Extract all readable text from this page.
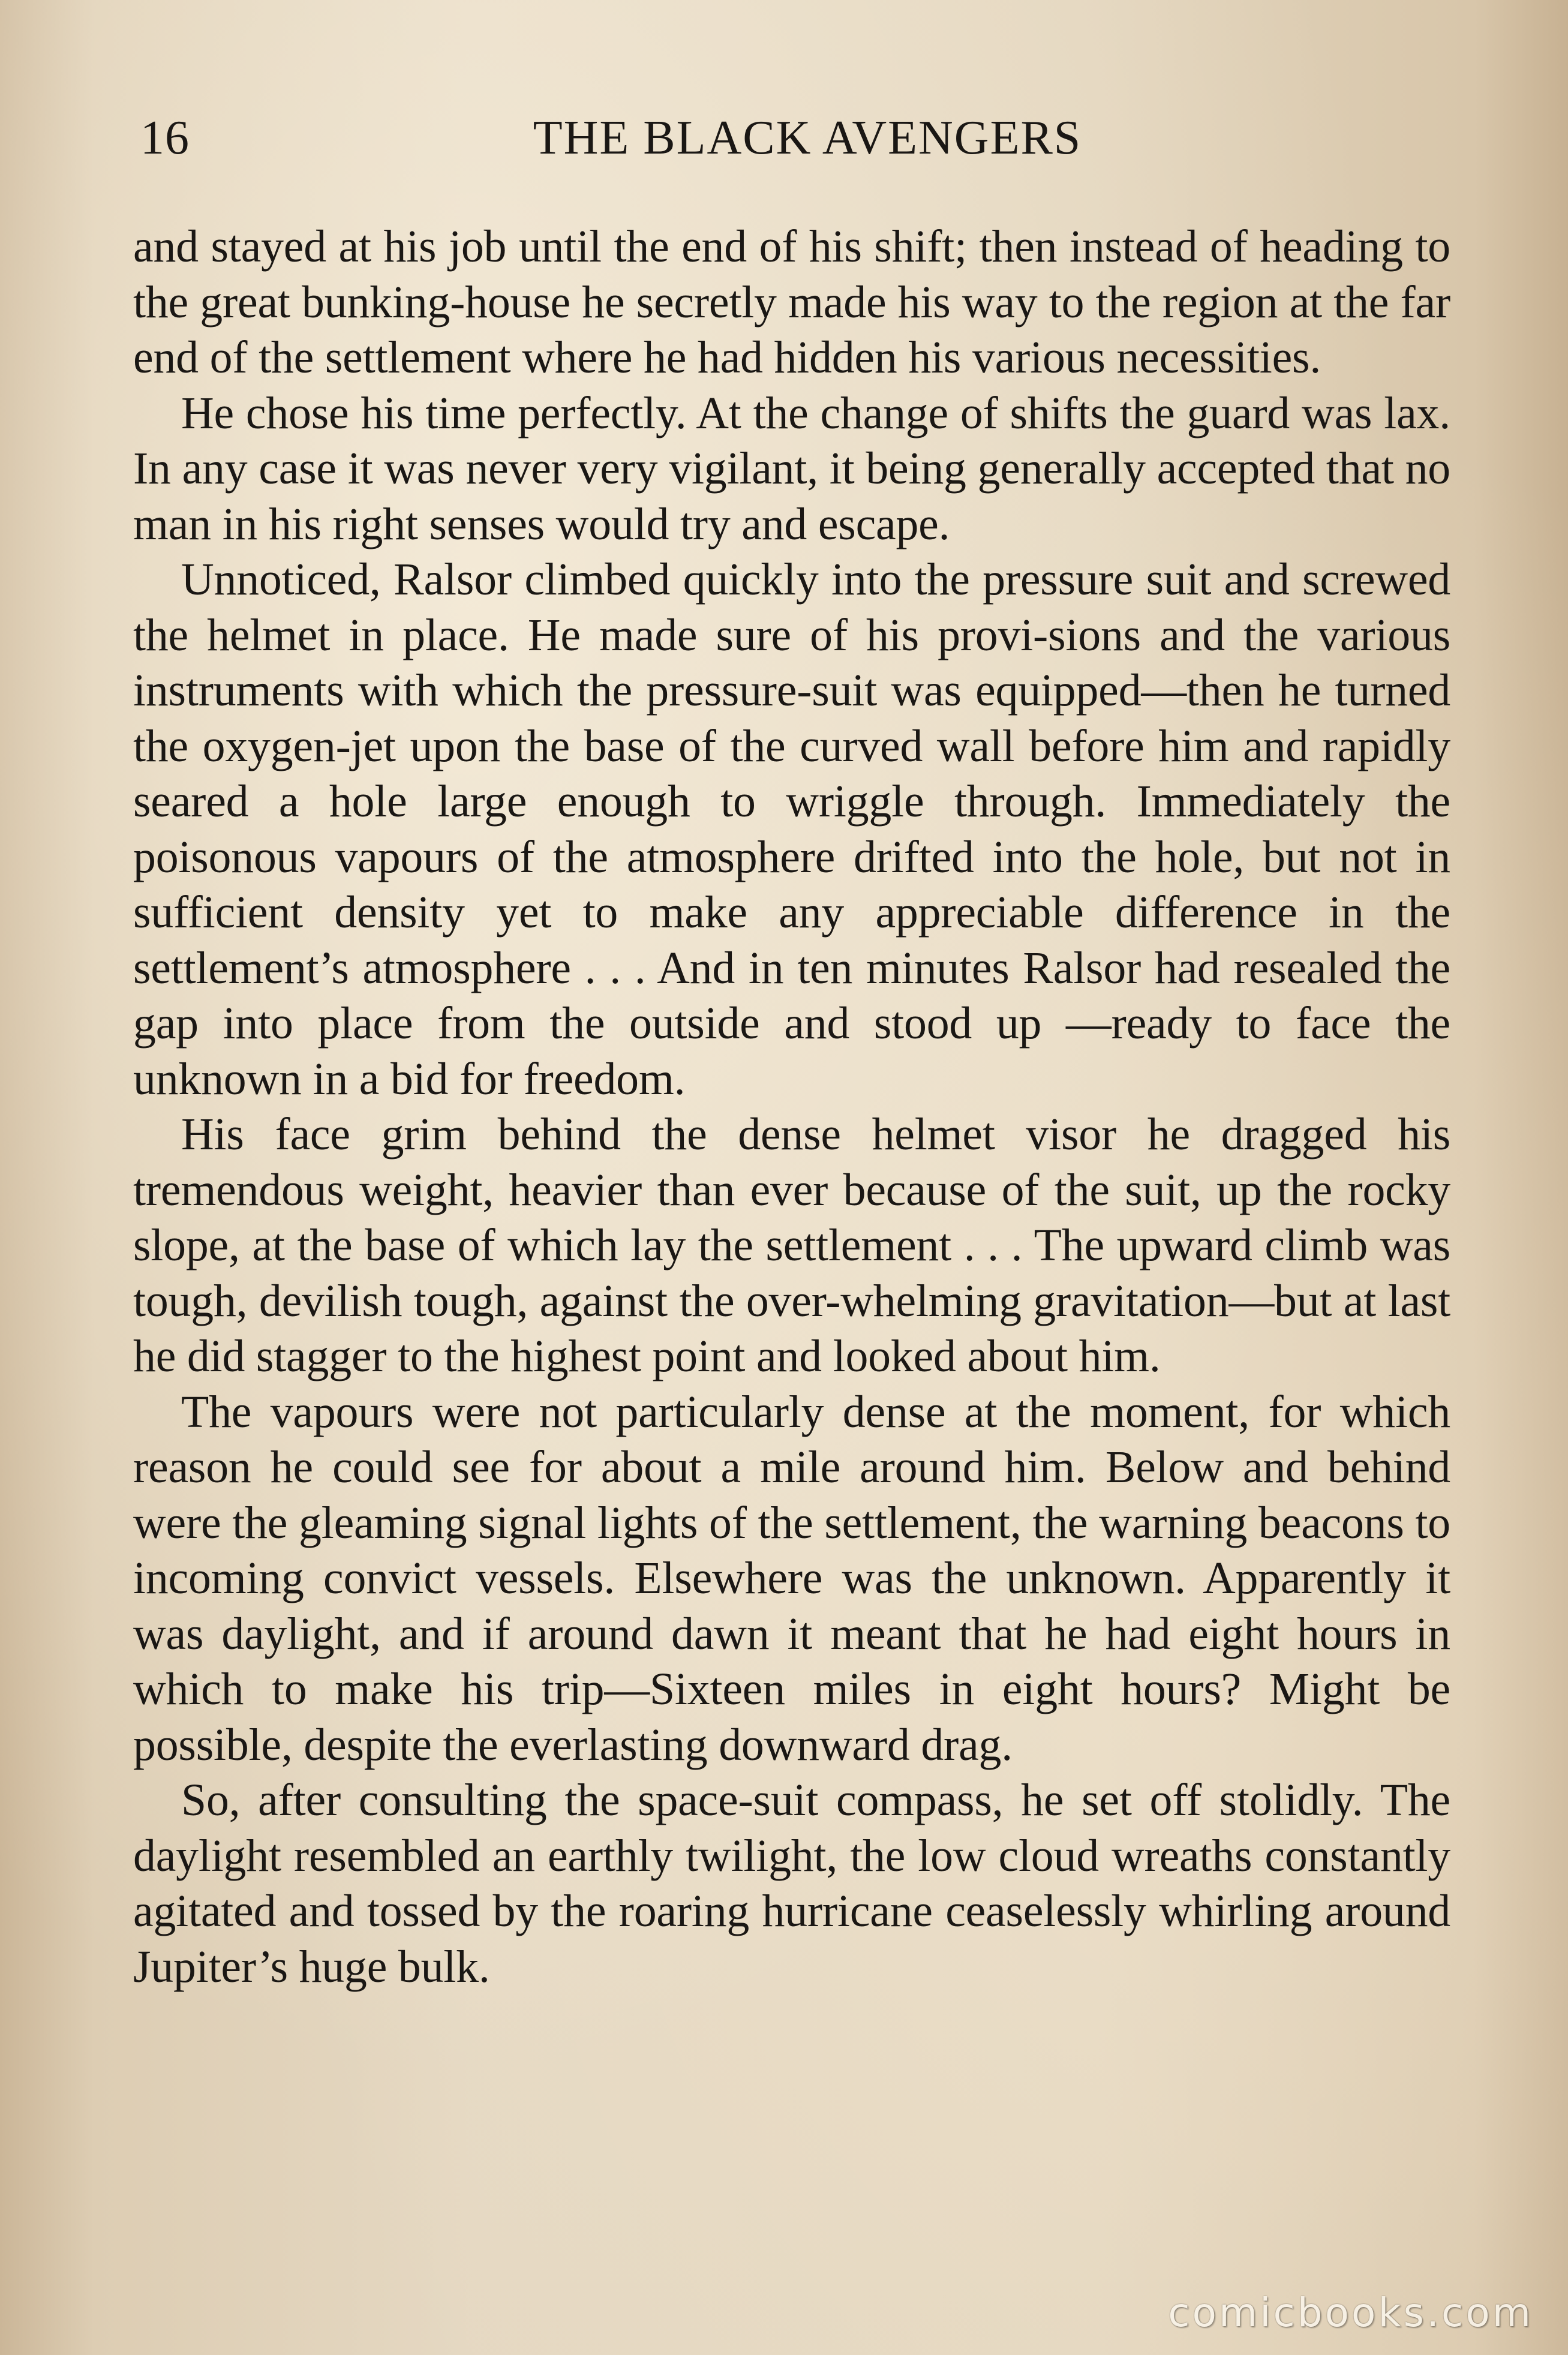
16	THE BLACK AVENGERS

and stayed at his job until the end of his shift; then instead of heading to the great bunking-house he secretly made his way to the region at the far end of the settlement where he had hidden his various necessities.

He chose his time perfectly. At the change of shifts the guard was lax. In any case it was never very vigilant, it being generally accepted that no man in his right senses would try and escape.

Unnoticed, Ralsor climbed quickly into the pressure suit and screwed the helmet in place. He made sure of his provi-sions and the various instruments with which the pressure-suit was equipped—then he turned the oxygen-jet upon the base of the curved wall before him and rapidly seared a hole large enough to wriggle through. Immediately the poisonous vapours of the atmosphere drifted into the hole, but not in sufficient density yet to make any appreciable difference in the settlement’s atmosphere . . . And in ten minutes Ralsor had resealed the gap into place from the outside and stood up —ready to face the unknown in a bid for freedom.

His face grim behind the dense helmet visor he dragged his tremendous weight, heavier than ever because of the suit, up the rocky slope, at the base of which lay the settlement . . . The upward climb was tough, devilish tough, against the over-whelming gravitation—but at last he did stagger to the highest point and looked about him.

The vapours were not particularly dense at the moment, for which reason he could see for about a mile around him. Below and behind were the gleaming signal lights of the settlement, the warning beacons to incoming convict vessels. Elsewhere was the unknown. Apparently it was daylight, and if around dawn it meant that he had eight hours in which to make his trip—Sixteen miles in eight hours? Might be possible, despite the everlasting downward drag.

So, after consulting the space-suit compass, he set off stolidly. The daylight resembled an earthly twilight, the low cloud wreaths constantly agitated and tossed by the roaring hurricane ceaselessly whirling around Jupiter’s huge bulk.

comicbooks.com
